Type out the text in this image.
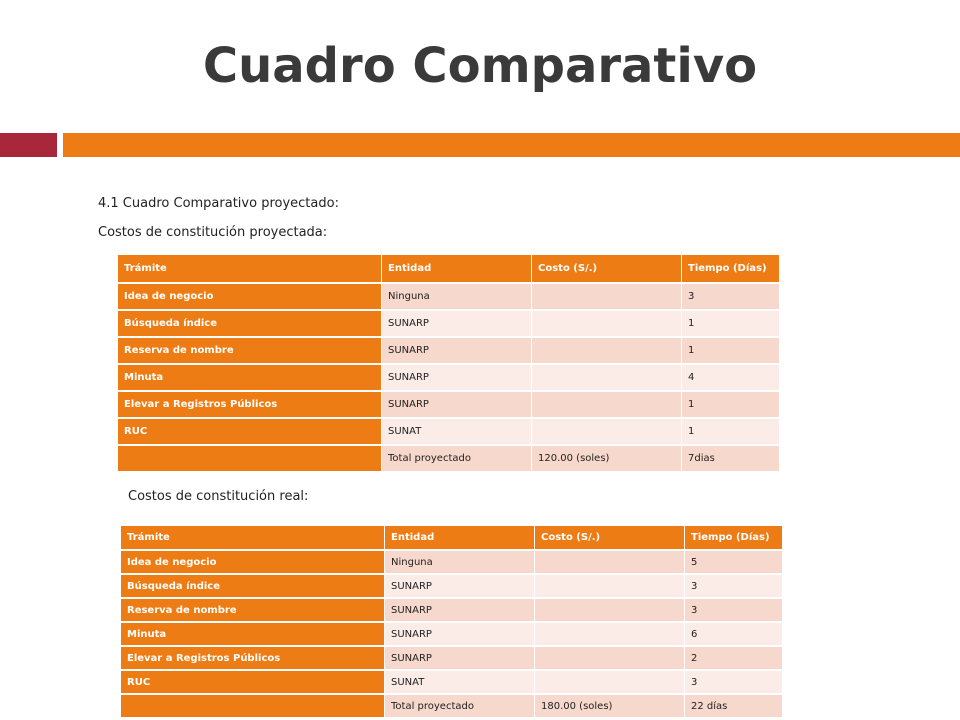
Cuadro Comparativo
4.1 Cuadro Comparativo proyectado:
Costos de constitución proyectada:
Trámite	Entidad	Costo (S/.)	Tiempo (Días)
Idea de negocio	Ninguna		3
Búsqueda índice	SUNARP		1
Reserva de nombre	SUNARP		1
Minuta	SUNARP		4
Elevar a Registros Públicos	SUNARP		1
RUC	SUNAT		1
	Total proyectado	120.00 (soles)	7dias
Costos de constitución real:
Trámite	Entidad	Costo (S/.)	Tiempo (Días)
Idea de negocio	Ninguna		5
Búsqueda índice	SUNARP		3
Reserva de nombre	SUNARP		3
Minuta	SUNARP		6
Elevar a Registros Públicos	SUNARP		2
RUC	SUNAT		3
	Total proyectado	180.00 (soles)	22 días
